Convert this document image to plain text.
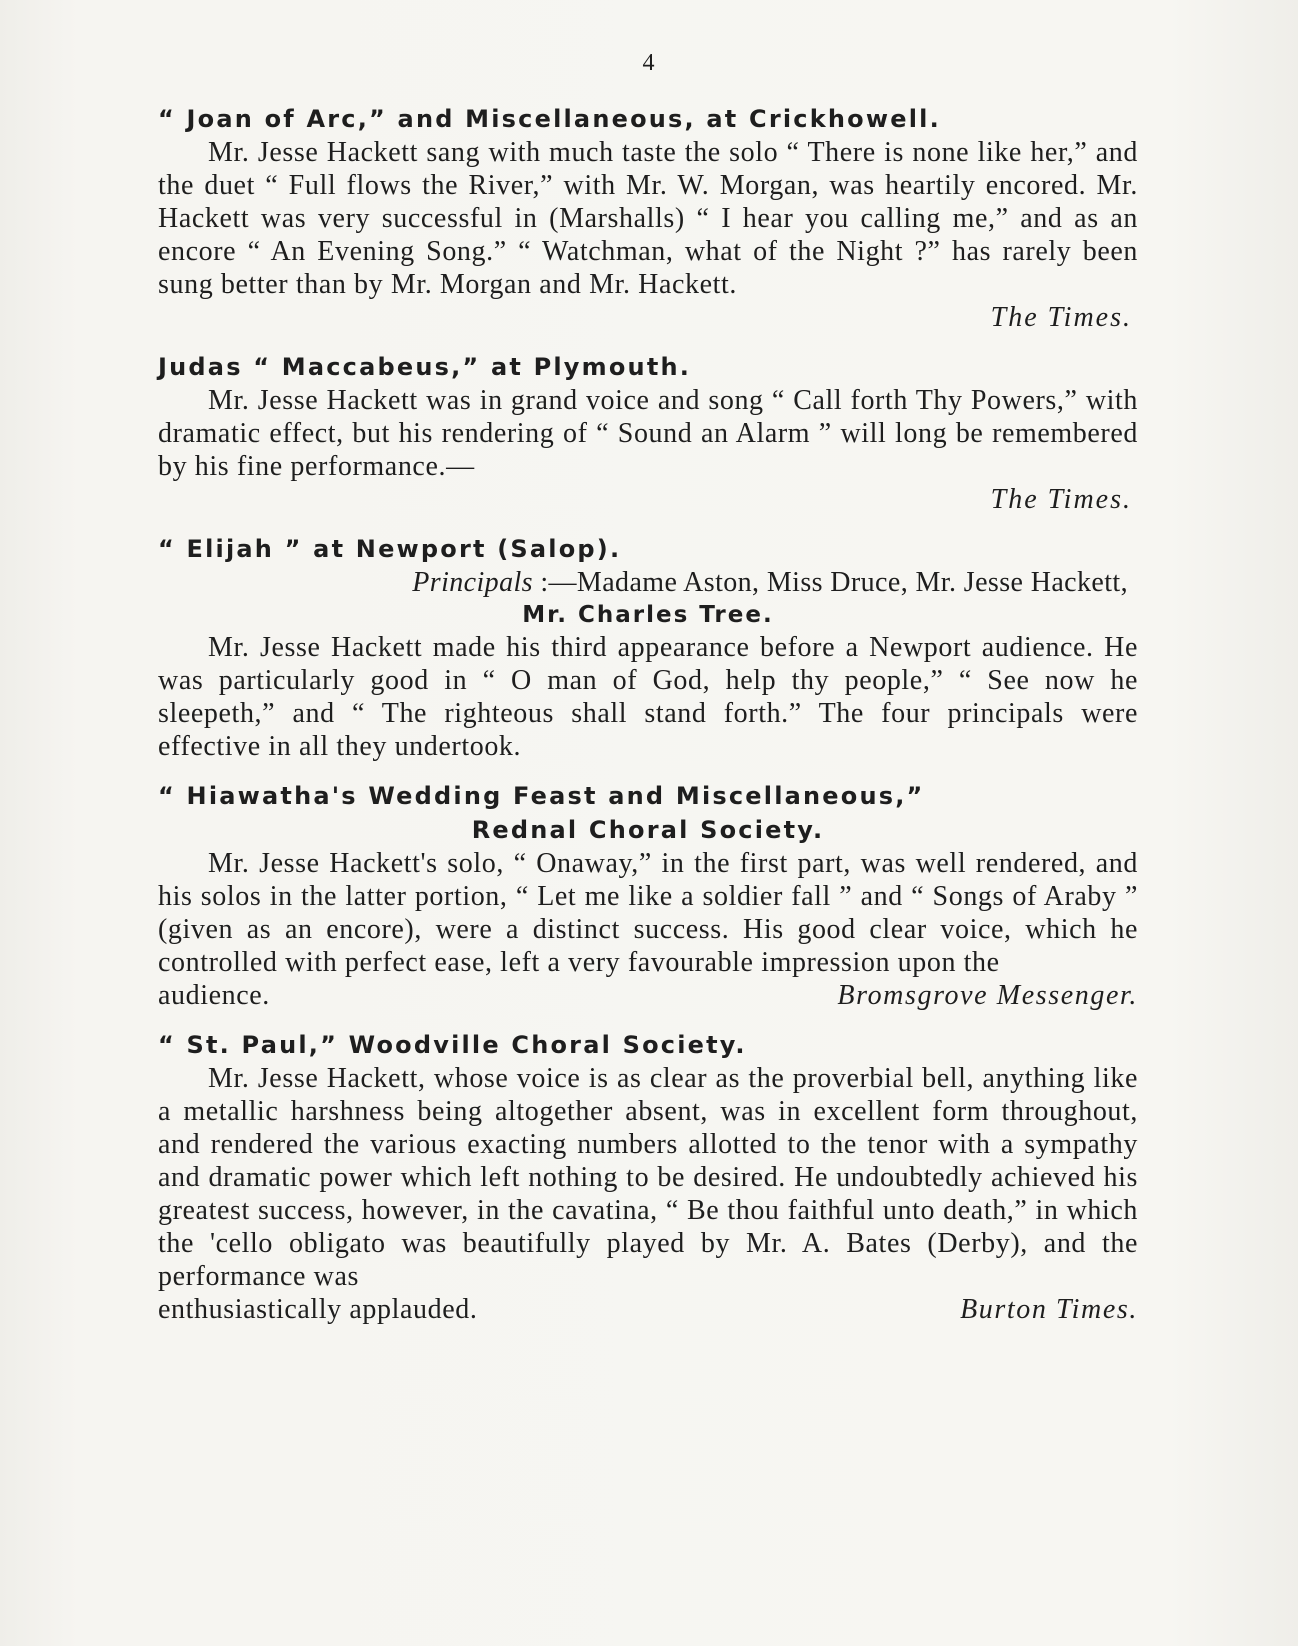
4
“ Joan of Arc,” and Miscellaneous, at Crickhowell.

Mr. Jesse Hackett sang with much taste the solo “ There is none like her,” and the duet “ Full flows the River,” with Mr. W. Morgan, was heartily encored. Mr. Hackett was very successful in (Marshalls) “ I hear you calling me,” and as an encore “ An Evening Song.” “ Watchman, what of the Night ?” has rarely been sung better than by Mr. Morgan and Mr. Hackett.

The Times.
Judas “ Maccabeus,” at Plymouth.

Mr. Jesse Hackett was in grand voice and song “ Call forth Thy Powers,” with dramatic effect, but his rendering of “ Sound an Alarm ” will long be remembered by his fine performance.—

The Times.
“ Elijah ” at Newport (Salop).
Principals :—Madame Aston, Miss Druce, Mr. Jesse Hackett,
Mr. Charles Tree.

Mr. Jesse Hackett made his third appearance before a Newport audience. He was particularly good in “ O man of God, help thy people,” “ See now he sleepeth,” and “ The righteous shall stand forth.” The four principals were effective in all they undertook.

“ Hiawatha's Wedding Feast and Miscellaneous,”
Rednal Choral Society.

Mr. Jesse Hackett's solo, “ Onaway,” in the first part, was well rendered, and his solos in the latter portion, “ Let me like a soldier fall ” and “ Songs of Araby ” (given as an encore), were a distinct success. His good clear voice, which he controlled with perfect ease, left a very favourable impression upon the

audience.	Bromsgrove Messenger.
“ St. Paul,” Woodville Choral Society.

Mr. Jesse Hackett, whose voice is as clear as the proverbial bell, anything like a metallic harshness being altogether absent, was in excellent form throughout, and rendered the various exacting numbers allotted to the tenor with a sympathy and dramatic power which left nothing to be desired. He undoubtedly achieved his greatest success, however, in the cavatina, “ Be thou faithful unto death,” in which the 'cello obligato was beautifully played by Mr. A. Bates (Derby), and the performance was

enthusiastically applauded.	Burton Times.
